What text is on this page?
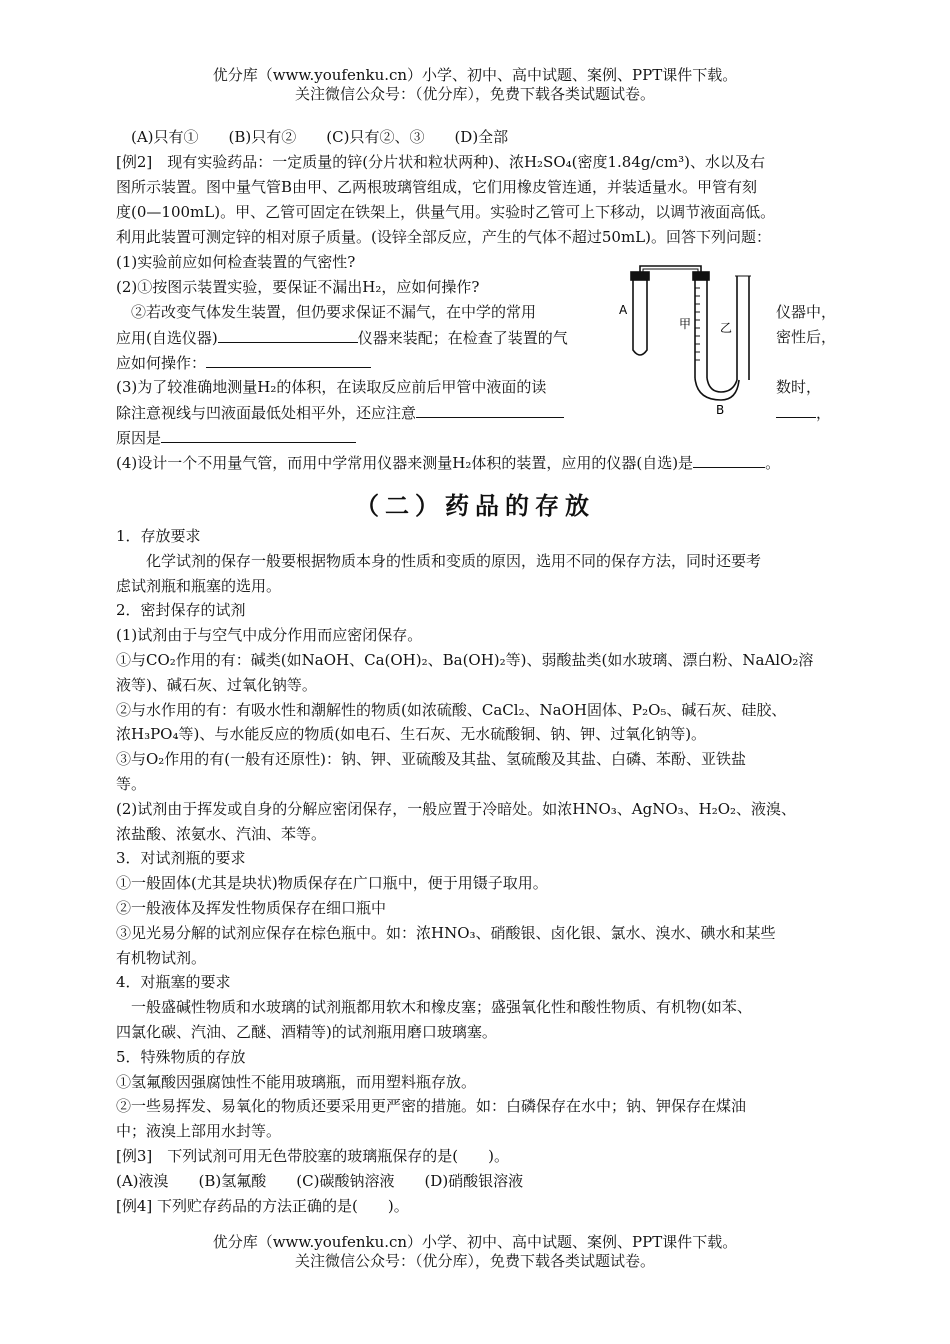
优分库（www.youfenku.cn）小学、初中、高中试题、案例、PPT课件下载。
关注微信公众号：（优分库），免费下载各类试题试卷。
(A)只有①　　(B)只有②　　(C)只有②、③　　(D)全部
[例2]　现有实验药品：一定质量的锌(分片状和粒状两种)、浓H₂SO₄(密度1.84g/cm³)、水以及右
图所示装置。图中量气管B由甲、乙两根玻璃管组成，它们用橡皮管连通，并装适量水。甲管有刻
度(0—100mL)。甲、乙管可固定在铁架上，供量气用。实验时乙管可上下移动，以调节液面高低。
利用此装置可测定锌的相对原子质量。(设锌全部反应，产生的气体不超过50mL)。回答下列问题：
(1)实验前应如何检查装置的气密性?
(2)①按图示装置实验，要保证不漏出H₂，应如何操作?
　②若改变气体发生装置，但仍要求保证不漏气，在中学的常用	仪器中，
应用(自选仪器)	仪器来装配；在检查了装置的气	密性后，
应如何操作：
(3)为了较准确地测量H₂的体积，在读取反应前后甲管中液面的读	数时，
除注意视线与凹液面最低处相平外，还应注意	，
原因是
(4)设计一个不用量气管，而用中学常用仪器来测量H₂体积的装置，应用的仪器(自选)是	。
A
甲 乙
B
（二）药品的存放
1．存放要求
　　化学试剂的保存一般要根据物质本身的性质和变质的原因，选用不同的保存方法，同时还要考
虑试剂瓶和瓶塞的选用。
2．密封保存的试剂
(1)试剂由于与空气中成分作用而应密闭保存。
①与CO₂作用的有：碱类(如NaOH、Ca(OH)₂、Ba(OH)₂等)、弱酸盐类(如水玻璃、漂白粉、NaAlO₂溶
液等)、碱石灰、过氧化钠等。
②与水作用的有：有吸水性和潮解性的物质(如浓硫酸、CaCl₂、NaOH固体、P₂O₅、碱石灰、硅胶、
浓H₃PO₄等)、与水能反应的物质(如电石、生石灰、无水硫酸铜、钠、钾、过氧化钠等)。
③与O₂作用的有(一般有还原性)：钠、钾、亚硫酸及其盐、氢硫酸及其盐、白磷、苯酚、亚铁盐
等。
(2)试剂由于挥发或自身的分解应密闭保存，一般应置于冷暗处。如浓HNO₃、AgNO₃、H₂O₂、液溴、
浓盐酸、浓氨水、汽油、苯等。
3．对试剂瓶的要求
①一般固体(尤其是块状)物质保存在广口瓶中，便于用镊子取用。
②一般液体及挥发性物质保存在细口瓶中
③见光易分解的试剂应保存在棕色瓶中。如：浓HNO₃、硝酸银、卤化银、氯水、溴水、碘水和某些
有机物试剂。
4．对瓶塞的要求
　一般盛碱性物质和水玻璃的试剂瓶都用软木和橡皮塞；盛强氧化性和酸性物质、有机物(如苯、
四氯化碳、汽油、乙醚、酒精等)的试剂瓶用磨口玻璃塞。
5．特殊物质的存放
①氢氟酸因强腐蚀性不能用玻璃瓶，而用塑料瓶存放。
②一些易挥发、易氧化的物质还要采用更严密的措施。如：白磷保存在水中；钠、钾保存在煤油
中；液溴上部用水封等。
[例3]　下列试剂可用无色带胶塞的玻璃瓶保存的是(　　)。
(A)液溴　　(B)氢氟酸　　(C)碳酸钠溶液　　(D)硝酸银溶液
[例4] 下列贮存药品的方法正确的是(　　)。
优分库（www.youfenku.cn）小学、初中、高中试题、案例、PPT课件下载。
关注微信公众号：（优分库），免费下载各类试题试卷。
